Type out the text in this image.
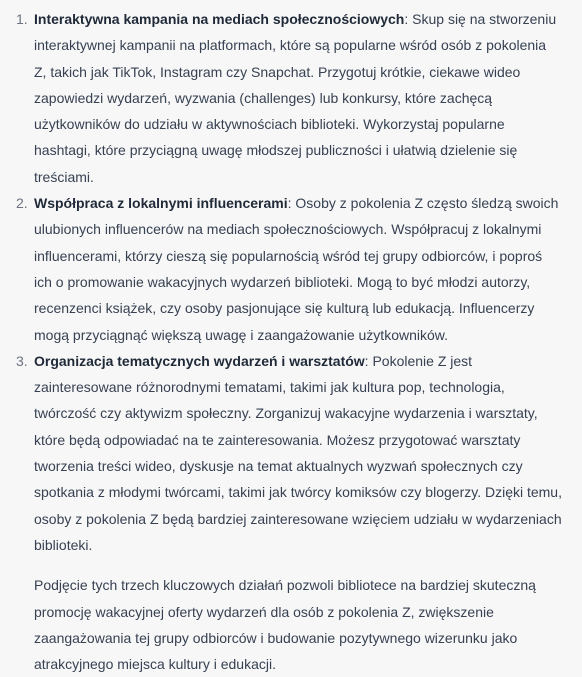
1. Interaktywna kampania na mediach społecznościowych: Skup się na stworzeniu interaktywnej kampanii na platformach, które są popularne wśród osób z pokolenia Z, takich jak TikTok, Instagram czy Snapchat. Przygotuj krótkie, ciekawe wideo zapowiedzi wydarzeń, wyzwania (challenges) lub konkursy, które zachęcą użytkowników do udziału w aktywnościach biblioteki. Wykorzystaj popularne hashtagi, które przyciągną uwagę młodszej publiczności i ułatwią dzielenie się treściami.
2. Współpraca z lokalnymi influencerami: Osoby z pokolenia Z często śledzą swoich ulubionych influencerów na mediach społecznościowych. Współpracuj z lokalnymi influencerami, którzy cieszą się popularnością wśród tej grupy odbiorców, i poproś ich o promowanie wakacyjnych wydarzeń biblioteki. Mogą to być młodzi autorzy, recenzenci książek, czy osoby pasjonujące się kulturą lub edukacją. Influencerzy mogą przyciągnąć większą uwagę i zaangażowanie użytkowników.
3. Organizacja tematycznych wydarzeń i warsztatów: Pokolenie Z jest zainteresowane różnorodnymi tematami, takimi jak kultura pop, technologia, twórczość czy aktywizm społeczny. Zorganizuj wakacyjne wydarzenia i warsztaty, które będą odpowiadać na te zainteresowania. Możesz przygotować warsztaty tworzenia treści wideo, dyskusje na temat aktualnych wyzwań społecznych czy spotkania z młodymi twórcami, takimi jak twórcy komiksów czy blogerzy. Dzięki temu, osoby z pokolenia Z będą bardziej zainteresowane wzięciem udziału w wydarzeniach biblioteki.

Podjęcie tych trzech kluczowych działań pozwoli bibliotece na bardziej skuteczną promocję wakacyjnej oferty wydarzeń dla osób z pokolenia Z, zwiększenie zaangażowania tej grupy odbiorców i budowanie pozytywnego wizerunku jako atrakcyjnego miejsca kultury i edukacji.
